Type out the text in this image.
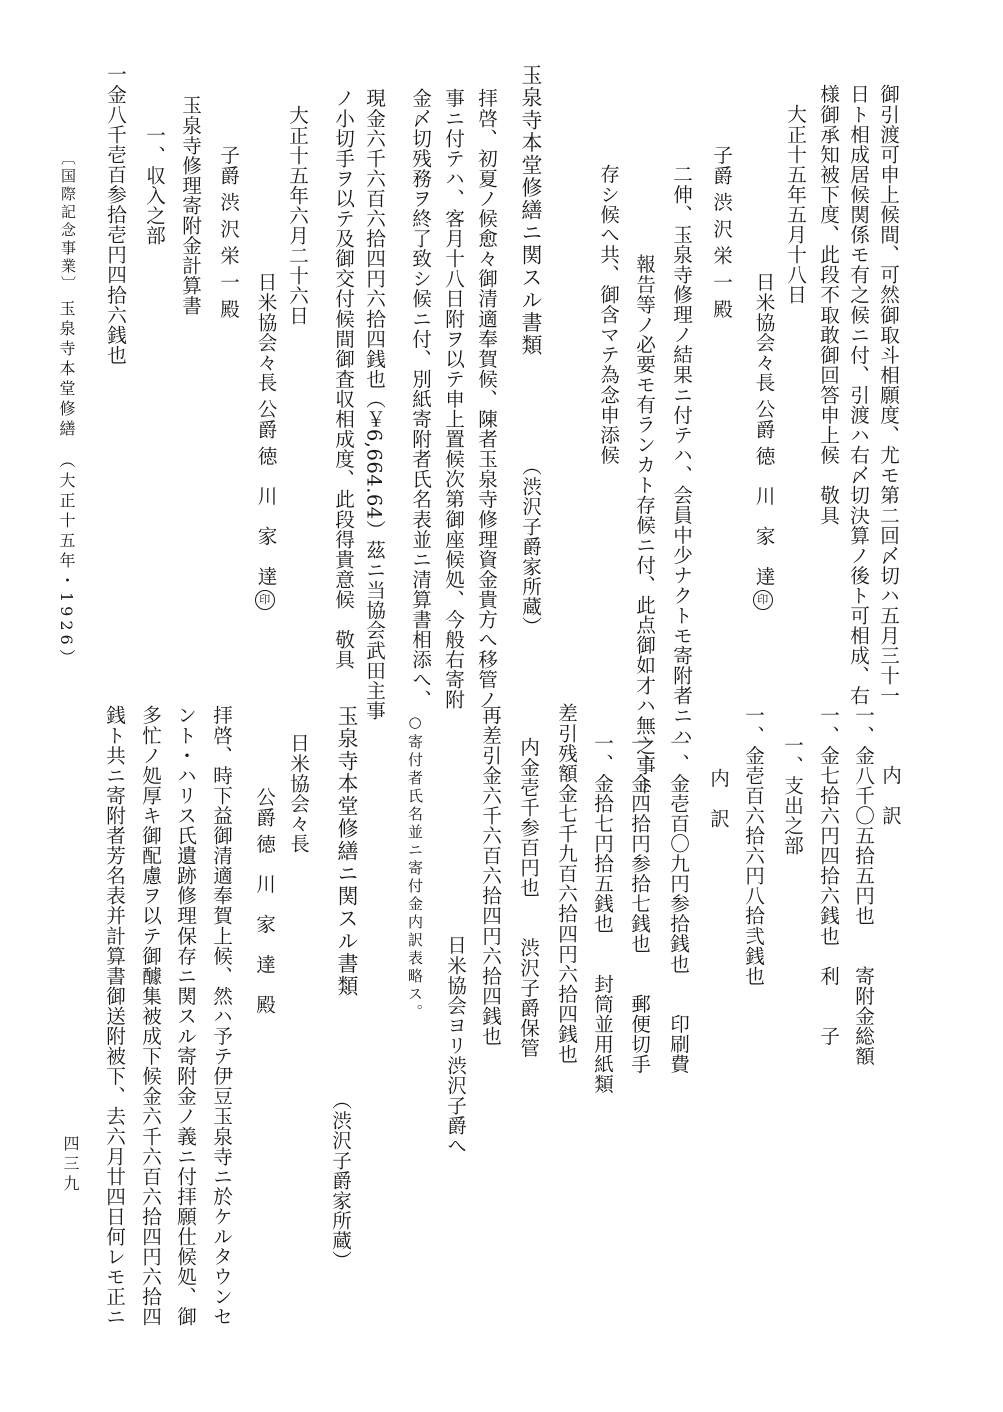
御引渡可申上候間、可然御取斗相願度、尤モ第二回〆切ハ五月三十一
日ト相成居候関係モ有之候ニ付、引渡ハ右〆切決算ノ後ト可相成、右
様御承知被下度、此段不取敢御回答申上候　敬具
大正十五年五月十八日
日米協会々長 公爵 徳　川　家　達印
子爵 渋 沢 栄 一 殿
二伸、玉泉寺修理ノ結果ニ付テハ、会員中少ナクトモ寄附者ニハ
報告等ノ必要モ有ランカト存候ニ付、此点御如才ハ無之事ト
存シ候へ共、御含マテ為念申添候
玉泉寺本堂修繕ニ関スル書類
（渋沢子爵家所蔵）
拝啓、初夏ノ候愈々御清適奉賀候、陳者玉泉寺修理資金貴方へ移管ノ
事ニ付テハ、客月十八日附ヲ以テ申上置候次第御座候処、今般右寄附
金〆切残務ヲ終了致シ候ニ付、別紙寄附者氏名表並ニ清算書相添へ、
現金六千六百六拾四円六拾四銭也（￥6,664.64）茲ニ当協会武田主事
ノ小切手ヲ以テ及御交付候間御査収相成度、此段得貴意候　敬具
大正十五年六月二十六日
日米協会々長 公爵 徳　川　家　達印
子爵 渋 沢 栄 一 殿
玉泉寺修理寄附金計算書
一、収入之部
一金八千壱百参拾壱円四拾六銭也
内　訳
一、金八千〇五拾五円也　　寄附金総額
一、金七拾六円四拾六銭也　利　　子
一、支出之部
一、金壱百六拾六円八拾弐銭也
内　訳
一、金壱百〇九円参拾銭也　　印刷費
一、金四拾円参拾七銭也　　郵便切手
一、金拾七円拾五銭也　　封筒並用紙類
差引残額金七千九百六拾四円六拾四銭也
内金壱千参百円也　　渋沢子爵保管
再差引金六千六百六拾四円六拾四銭也
日米協会ヨリ渋沢子爵へ
○寄付者氏名並ニ寄付金内訳表略ス。
玉泉寺本堂修繕ニ関スル書類
（渋沢子爵家所蔵）
日米協会々長
公爵 徳　川　家　達　殿
拝啓、時下益御清適奉賀上候、然ハ予テ伊豆玉泉寺ニ於ケルタウンセ
ント・ハリス氏遺跡修理保存ニ関スル寄附金ノ義ニ付拝願仕候処、御
多忙ノ処厚キ御配慮ヲ以テ御醵集被成下候金六千六百六拾四円六拾四
銭ト共ニ寄附者芳名表并計算書御送附被下、去六月廿四日何レモ正ニ
〔国際記念事業〕
玉泉寺本堂修繕　（大正十五年・1926）
四三九
